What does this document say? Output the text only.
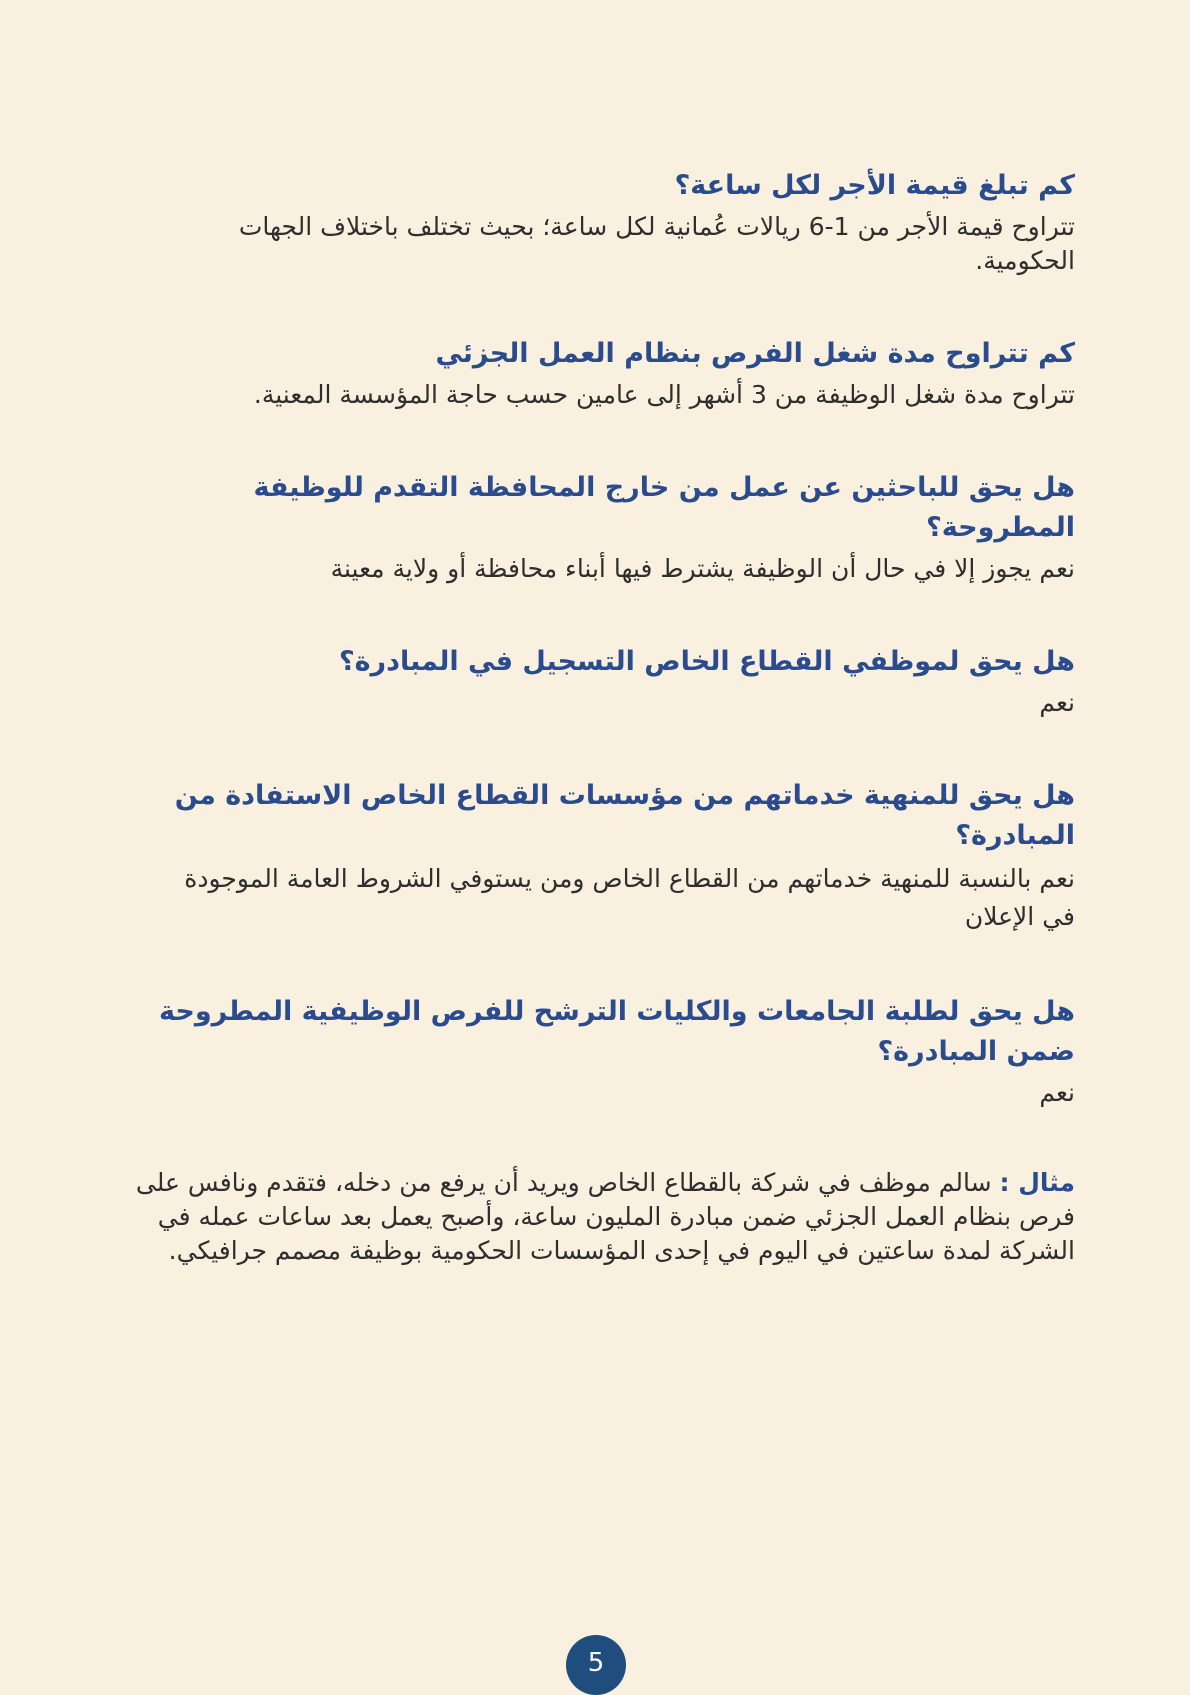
كم تبلغ قيمة الأجر لكل ساعة؟
تتراوح قيمة الأجر من 1-6 ريالات عُمانية لكل ساعة؛ بحيث تختلف باختلاف الجهات
الحكومية.
كم تتراوح مدة شغل الفرص بنظام العمل الجزئي
تتراوح مدة شغل الوظيفة من 3 أشهر إلى عامين حسب حاجة المؤسسة المعنية.
هل يحق للباحثين عن عمل من خارج المحافظة التقدم للوظيفة المطروحة؟
نعم يجوز إلا في حال أن الوظيفة يشترط فيها أبناء محافظة أو ولاية معينة
هل يحق لموظفي القطاع الخاص التسجيل في المبادرة؟
نعم
هل يحق للمنهية خدماتهم من مؤسسات القطاع الخاص الاستفادة من المبادرة؟
نعم بالنسبة للمنهية خدماتهم من القطاع الخاص ومن يستوفي الشروط العامة الموجودة
في الإعلان
هل يحق لطلبة الجامعات والكليات الترشح للفرص الوظيفية المطروحة ضمن المبادرة؟
نعم
مثال : سالم موظف في شركة بالقطاع الخاص ويريد أن يرفع من دخله، فتقدم ونافس على
فرص بنظام العمل الجزئي ضمن مبادرة المليون ساعة، وأصبح يعمل بعد ساعات عمله في
الشركة لمدة ساعتين في اليوم في إحدى المؤسسات الحكومية بوظيفة مصمم جرافيكي.
5
